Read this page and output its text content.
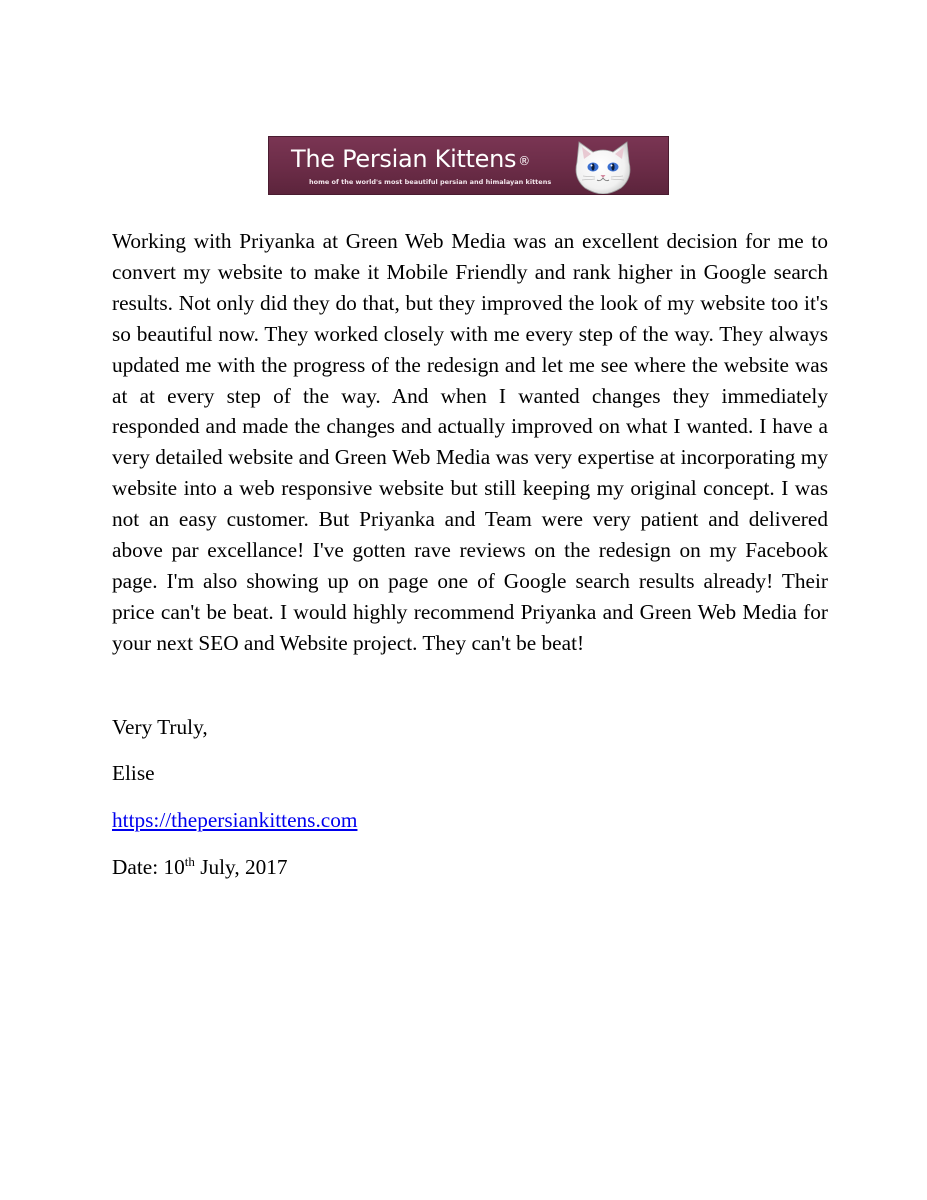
The Persian Kittens ®
home of the world's most beautiful persian and himalayan kittens

Working with Priyanka at Green Web Media was an excellent decision for me to convert my website to make it Mobile Friendly and rank higher in Google search results. Not only did they do that, but they improved the look of my website too it's so beautiful now. They worked closely with me every step of the way. They always updated me with the progress of the redesign and let me see where the website was at at every step of the way. And when I wanted changes they immediately responded and made the changes and actually improved on what I wanted. I have a very detailed website and Green Web Media was very expertise at incorporating my website into a web responsive website but still keeping my original concept. I was not an easy customer. But Priyanka and Team were very patient and delivered above par excellance! I've gotten rave reviews on the redesign on my Facebook page. I'm also showing up on page one of Google search results already! Their price can't be beat. I would highly recommend Priyanka and Green Web Media for your next SEO and Website project. They can't be beat!

Very Truly,

Elise

https://thepersiankittens.com

Date: 10th July, 2017
